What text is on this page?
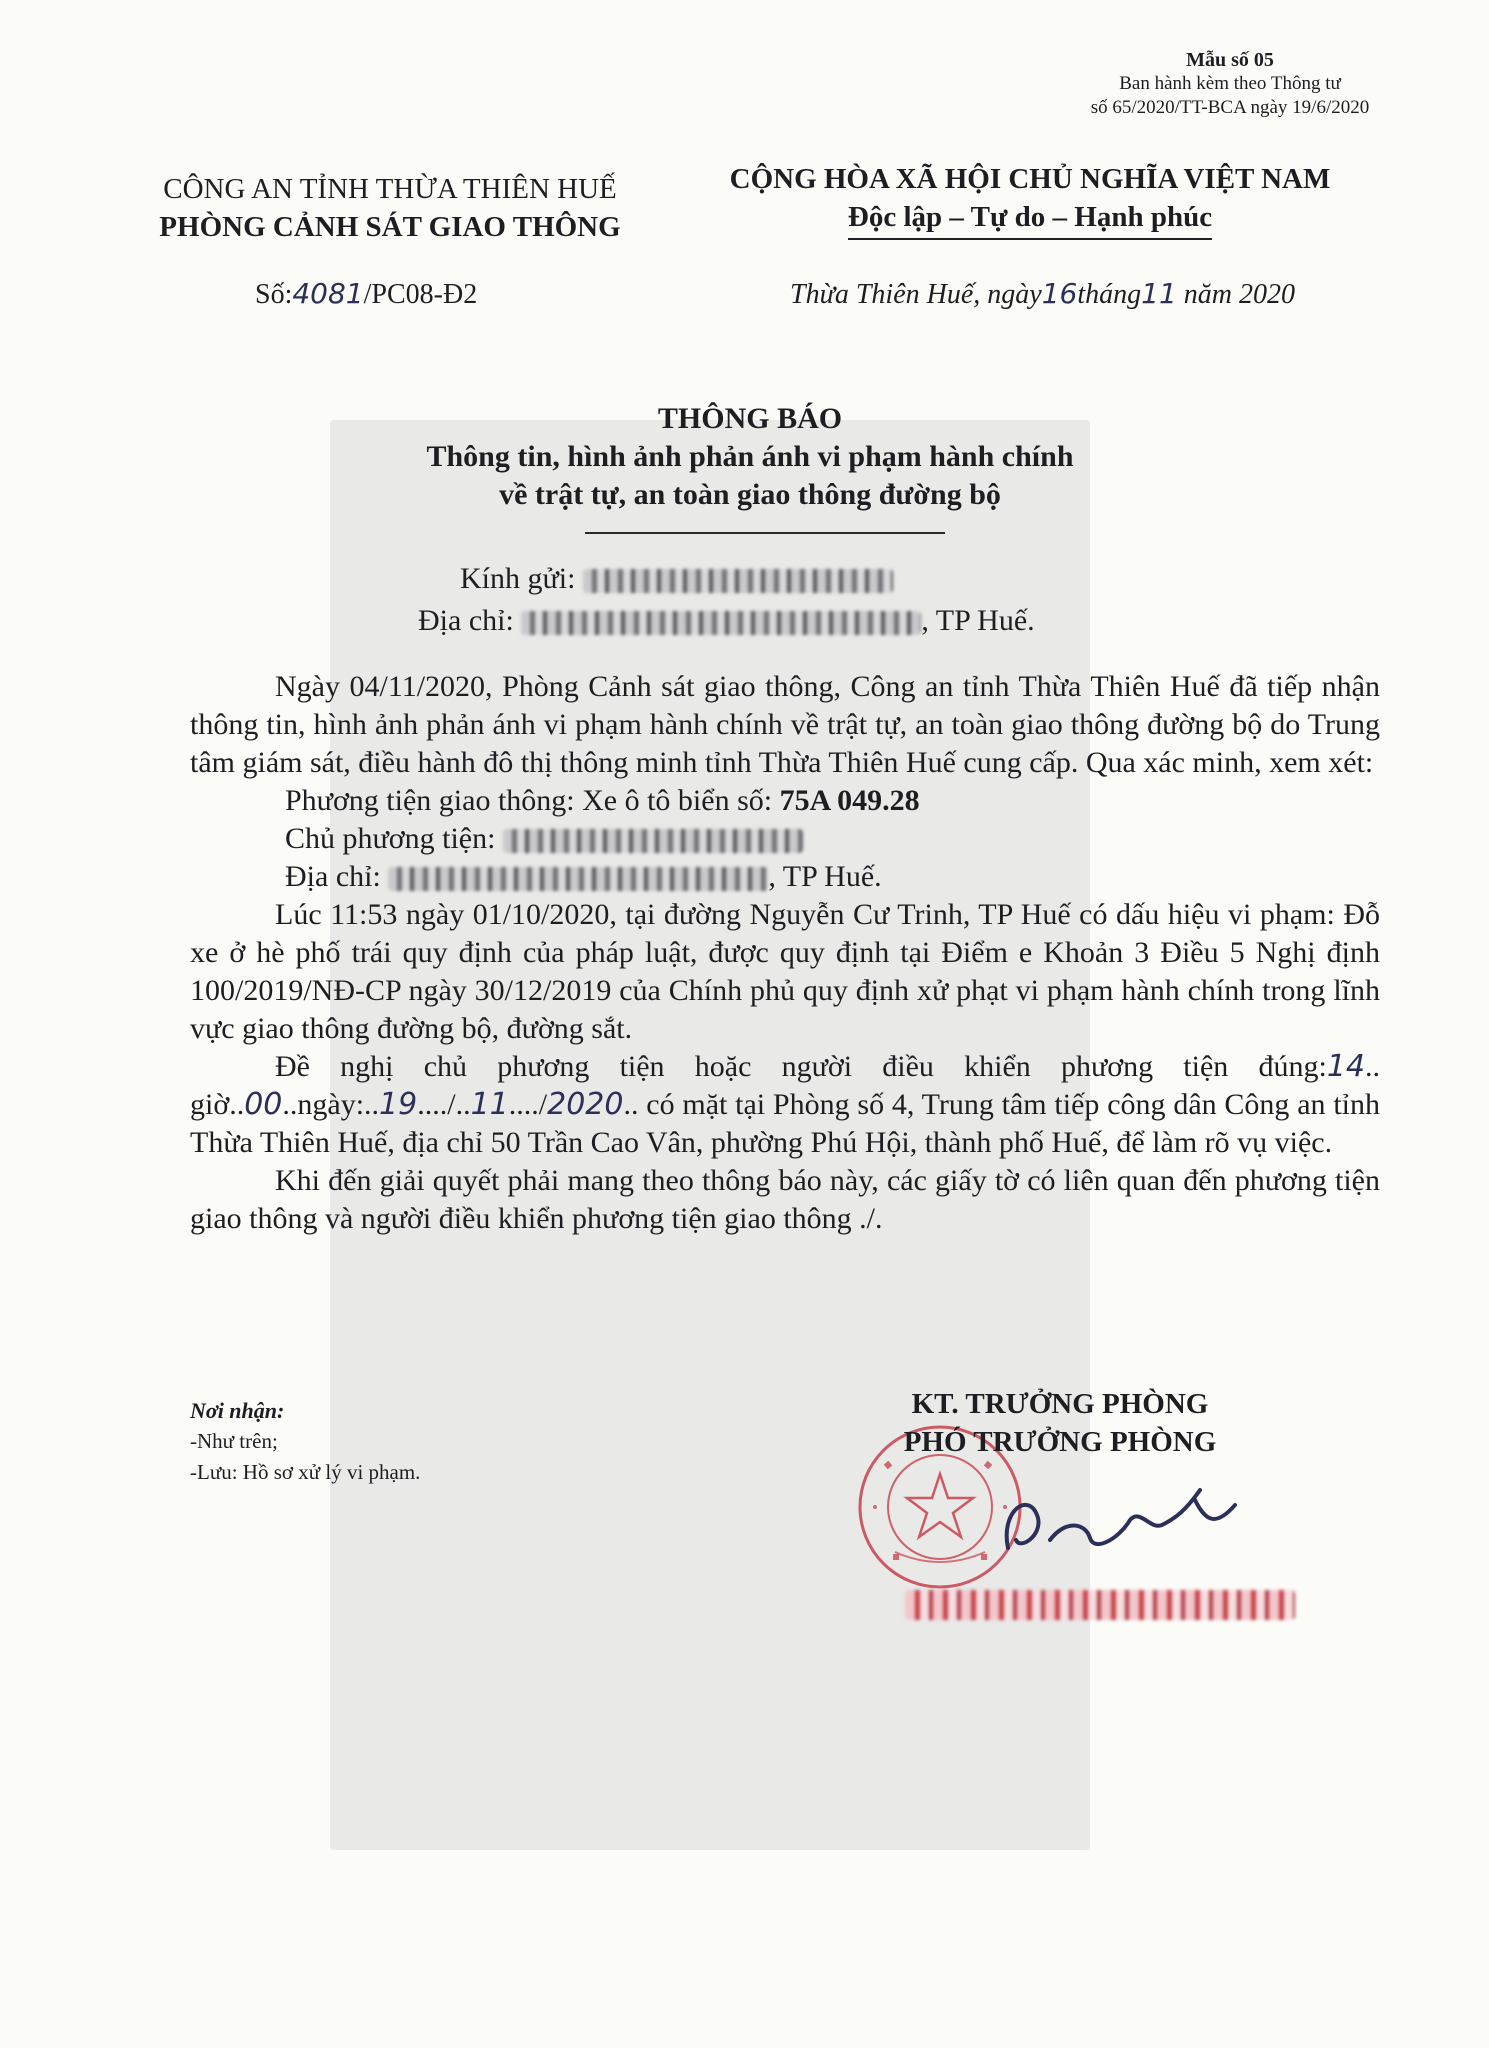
Mẫu số 05
Ban hành kèm theo Thông tư
số 65/2020/TT-BCA ngày 19/6/2020
CÔNG AN TỈNH THỪA THIÊN HUẾ
PHÒNG CẢNH SÁT GIAO THÔNG
CỘNG HÒA XÃ HỘI CHỦ NGHĨA VIỆT NAM
Độc lập – Tự do – Hạnh phúc
Số:4081/PC08-Đ2	Thừa Thiên Huế, ngày16tháng11 năm 2020
THÔNG BÁO
Thông tin, hình ảnh phản ánh vi phạm hành chính
về trật tự, an toàn giao thông đường bộ
Kính gửi:
Địa chỉ:	, TP Huế.

Ngày 04/11/2020, Phòng Cảnh sát giao thông, Công an tỉnh Thừa Thiên Huế đã tiếp nhận thông tin, hình ảnh phản ánh vi phạm hành chính về trật tự, an toàn giao thông đường bộ do Trung tâm giám sát, điều hành đô thị thông minh tỉnh Thừa Thiên Huế cung cấp. Qua xác minh, xem xét:

Phương tiện giao thông: Xe ô tô biển số: 75A 049.28

Chủ phương tiện:

Địa chỉ:	, TP Huế.

Lúc 11:53 ngày 01/10/2020, tại đường Nguyễn Cư Trinh, TP Huế có dấu hiệu vi phạm: Đỗ xe ở hè phố trái quy định của pháp luật, được quy định tại Điểm e Khoản 3 Điều 5 Nghị định 100/2019/NĐ-CP ngày 30/12/2019 của Chính phủ quy định xử phạt vi phạm hành chính trong lĩnh vực giao thông đường bộ, đường sắt.

Đề nghị chủ phương tiện hoặc người điều khiển phương tiện đúng:14.. giờ..00..ngày:..19..../..11..../2020.. có mặt tại Phòng số 4, Trung tâm tiếp công dân Công an tỉnh Thừa Thiên Huế, địa chỉ 50 Trần Cao Vân, phường Phú Hội, thành phố Huế, để làm rõ vụ việc.

Khi đến giải quyết phải mang theo thông báo này, các giấy tờ có liên quan đến phương tiện giao thông và người điều khiển phương tiện giao thông ./.

Nơi nhận:
-Như trên;
-Lưu: Hồ sơ xử lý vi phạm.
KT. TRƯỞNG PHÒNG
PHÓ TRƯỞNG PHÒNG
